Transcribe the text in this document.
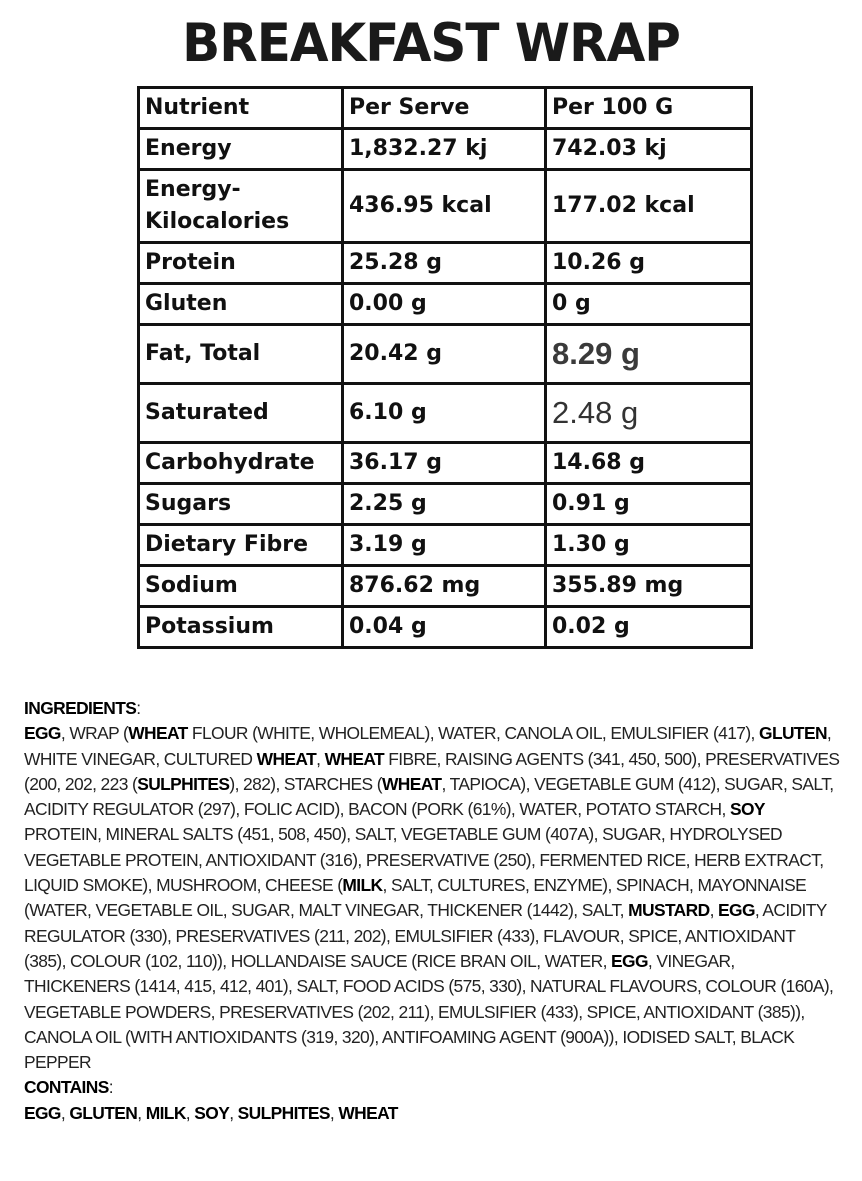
BREAKFAST WRAP
Nutrient	Per Serve	Per 100 G
Energy	1,832.27 kj	742.03 kj
Energy-Kilocalories	436.95 kcal	177.02 kcal
Protein	25.28 g	10.26 g
Gluten	0.00 g	0 g
Fat, Total	20.42 g	8.29 g
Saturated	6.10 g	2.48 g
Carbohydrate	36.17 g	14.68 g
Sugars	2.25 g	0.91 g
Dietary Fibre	3.19 g	1.30 g
Sodium	876.62 mg	355.89 mg
Potassium	0.04 g	0.02 g

INGREDIENTS:

EGG, WRAP (WHEAT FLOUR (WHITE, WHOLEMEAL), WATER, CANOLA OIL, EMULSIFIER (417), GLUTEN, WHITE VINEGAR, CULTURED WHEAT, WHEAT FIBRE, RAISING AGENTS (341, 450, 500), PRESERVATIVES (200, 202, 223 (SULPHITES), 282), STARCHES (WHEAT, TAPIOCA), VEGETABLE GUM (412), SUGAR, SALT, ACIDITY REGULATOR (297), FOLIC ACID), BACON (PORK (61%), WATER, POTATO STARCH, SOY PROTEIN, MINERAL SALTS (451, 508, 450), SALT, VEGETABLE GUM (407A), SUGAR, HYDROLYSED VEGETABLE PROTEIN, ANTIOXIDANT (316), PRESERVATIVE (250), FERMENTED RICE, HERB EXTRACT, LIQUID SMOKE), MUSHROOM, CHEESE (MILK, SALT, CULTURES, ENZYME), SPINACH, MAYONNAISE (WATER, VEGETABLE OIL, SUGAR, MALT VINEGAR, THICKENER (1442), SALT, MUSTARD, EGG, ACIDITY REGULATOR (330), PRESERVATIVES (211, 202), EMULSIFIER (433), FLAVOUR, SPICE, ANTIOXIDANT (385), COLOUR (102, 110)), HOLLANDAISE SAUCE (RICE BRAN OIL, WATER, EGG, VINEGAR, THICKENERS (1414, 415, 412, 401), SALT, FOOD ACIDS (575, 330), NATURAL FLAVOURS, COLOUR (160A), VEGETABLE POWDERS, PRESERVATIVES (202, 211), EMULSIFIER (433), SPICE, ANTIOXIDANT (385)), CANOLA OIL (WITH ANTIOXIDANTS (319, 320), ANTIFOAMING AGENT (900A)), IODISED SALT, BLACK PEPPER

CONTAINS:

EGG, GLUTEN, MILK, SOY, SULPHITES, WHEAT
